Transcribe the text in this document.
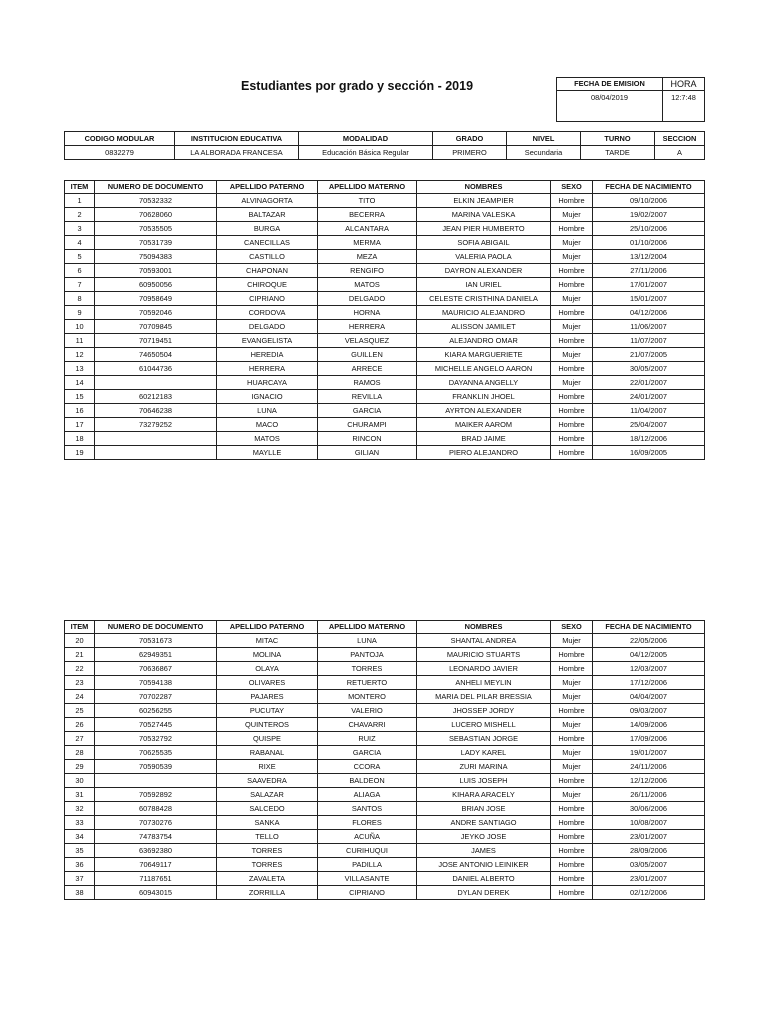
Estudiantes por grado y sección - 2019	FECHA DE EMISION	HORA
08/04/2019	12:7:48
CODIGO MODULAR	INSTITUCION EDUCATIVA	MODALIDAD	GRADO	NIVEL	TURNO	SECCION
0832279	LA ALBORADA FRANCESA	Educación Básica Regular	PRIMERO	Secundaria	TARDE	A
ITEM	NUMERO DE DOCUMENTO	APELLIDO PATERNO	APELLIDO MATERNO	NOMBRES	SEXO	FECHA DE NACIMIENTO
1	70532332	ALVINAGORTA	TITO	ELKIN JEAMPIER	Hombre	09/10/2006
2	70628060	BALTAZAR	BECERRA	MARINA VALESKA	Mujer	19/02/2007
3	70535505	BURGA	ALCANTARA	JEAN PIER HUMBERTO	Hombre	25/10/2006
4	70531739	CANECILLAS	MERMA	SOFIA ABIGAIL	Mujer	01/10/2006
5	75094383	CASTILLO	MEZA	VALERIA PAOLA	Mujer	13/12/2004
6	70593001	CHAPONAN	RENGIFO	DAYRON ALEXANDER	Hombre	27/11/2006
7	60950056	CHIROQUE	MATOS	IAN URIEL	Hombre	17/01/2007
8	70958649	CIPRIANO	DELGADO	CELESTE CRISTHINA DANIELA	Mujer	15/01/2007
9	70592046	CORDOVA	HORNA	MAURICIO ALEJANDRO	Hombre	04/12/2006
10	70709845	DELGADO	HERRERA	ALISSON JAMILET	Mujer	11/06/2007
11	70719451	EVANGELISTA	VELASQUEZ	ALEJANDRO OMAR	Hombre	11/07/2007
12	74650504	HEREDIA	GUILLEN	KIARA MARGUERIETE	Mujer	21/07/2005
13	61044736	HERRERA	ARRECE	MICHELLE ANGELO AARON	Hombre	30/05/2007
14		HUARCAYA	RAMOS	DAYANNA ANGELLY	Mujer	22/01/2007
15	60212183	IGNACIO	REVILLA	FRANKLIN JHOEL	Hombre	24/01/2007
16	70646238	LUNA	GARCIA	AYRTON ALEXANDER	Hombre	11/04/2007
17	73279252	MACO	CHURAMPI	MAIKER AAROM	Hombre	25/04/2007
18		MATOS	RINCON	BRAD JAIME	Hombre	18/12/2006
19		MAYLLE	GILIAN	PIERO ALEJANDRO	Hombre	16/09/2005
ITEM	NUMERO DE DOCUMENTO	APELLIDO PATERNO	APELLIDO MATERNO	NOMBRES	SEXO	FECHA DE NACIMIENTO
20	70531673	MITAC	LUNA	SHANTAL ANDREA	Mujer	22/05/2006
21	62949351	MOLINA	PANTOJA	MAURICIO STUARTS	Hombre	04/12/2005
22	70636867	OLAYA	TORRES	LEONARDO JAVIER	Hombre	12/03/2007
23	70594138	OLIVARES	RETUERTO	ANHELI MEYLIN	Mujer	17/12/2006
24	70702287	PAJARES	MONTERO	MARIA DEL PILAR BRESSIA	Mujer	04/04/2007
25	60256255	PUCUTAY	VALERIO	JHOSSEP JORDY	Hombre	09/03/2007
26	70527445	QUINTEROS	CHAVARRI	LUCERO MISHELL	Mujer	14/09/2006
27	70532792	QUISPE	RUIZ	SEBASTIAN JORGE	Hombre	17/09/2006
28	70625535	RABANAL	GARCIA	LADY KAREL	Mujer	19/01/2007
29	70590539	RIXE	CCORA	ZURI MARINA	Mujer	24/11/2006
30		SAAVEDRA	BALDEON	LUIS JOSEPH	Hombre	12/12/2006
31	70592892	SALAZAR	ALIAGA	KIHARA ARACELY	Mujer	26/11/2006
32	60788428	SALCEDO	SANTOS	BRIAN JOSE	Hombre	30/06/2006
33	70730276	SANKA	FLORES	ANDRE SANTIAGO	Hombre	10/08/2007
34	74783754	TELLO	ACUÑA	JEYKO JOSE	Hombre	23/01/2007
35	63692380	TORRES	CURIHUQUI	JAMES	Hombre	28/09/2006
36	70649117	TORRES	PADILLA	JOSE ANTONIO LEINIKER	Hombre	03/05/2007
37	71187651	ZAVALETA	VILLASANTE	DANIEL ALBERTO	Hombre	23/01/2007
38	60943015	ZORRILLA	CIPRIANO	DYLAN DEREK	Hombre	02/12/2006
